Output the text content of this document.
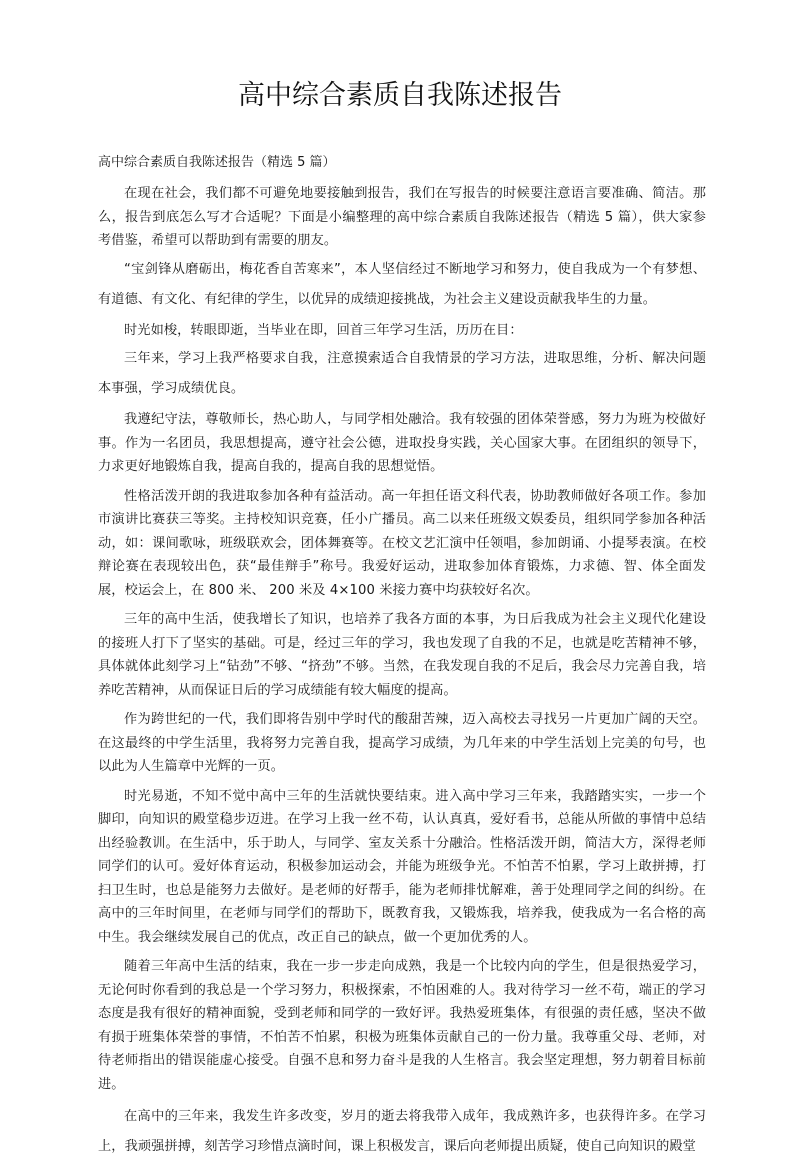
高中综合素质自我陈述报告
高中综合素质自我陈述报告（精选 5 篇）

在现在社会，我们都不可避免地要接触到报告，我们在写报告的时候要注意语言要准确、简洁。那么，报告到底怎么写才合适呢？下面是小编整理的高中综合素质自我陈述报告（精选 5 篇），供大家参考借鉴，希望可以帮助到有需要的朋友。

“宝剑锋从磨砺出，梅花香自苦寒来”，本人坚信经过不断地学习和努力，使自我成为一个有梦想、有道德、有文化、有纪律的学生，以优异的成绩迎接挑战，为社会主义建设贡献我毕生的力量。

时光如梭，转眼即逝，当毕业在即，回首三年学习生活，历历在目：

三年来，学习上我严格要求自我，注意摸索适合自我情景的学习方法，进取思维，分析、解决问题本事强，学习成绩优良。

我遵纪守法，尊敬师长，热心助人，与同学相处融洽。我有较强的团体荣誉感，努力为班为校做好事。作为一名团员，我思想提高，遵守社会公德，进取投身实践，关心国家大事。在团组织的领导下，力求更好地锻炼自我，提高自我的，提高自我的思想觉悟。

性格活泼开朗的我进取参加各种有益活动。高一年担任语文科代表，协助教师做好各项工作。参加市演讲比赛获三等奖。主持校知识竞赛，任小广播员。高二以来任班级文娱委员，组织同学参加各种活动，如：课间歌咏，班级联欢会，团体舞赛等。在校文艺汇演中任领唱，参加朗诵、小提琴表演。在校辩论赛在表现较出色，获“最佳辩手”称号。我爱好运动，进取参加体育锻炼，力求德、智、体全面发展，校运会上，在 800 米、 200 米及 4×100 米接力赛中均获较好名次。

三年的高中生活，使我增长了知识，也培养了我各方面的本事，为日后我成为社会主义现代化建设的接班人打下了坚实的基础。可是，经过三年的学习，我也发现了自我的不足，也就是吃苦精神不够，具体就体此刻学习上“钻劲”不够、“挤劲”不够。当然，在我发现自我的不足后，我会尽力完善自我，培养吃苦精神，从而保证日后的学习成绩能有较大幅度的提高。

作为跨世纪的一代，我们即将告别中学时代的酸甜苦辣，迈入高校去寻找另一片更加广阔的天空。在这最终的中学生活里，我将努力完善自我，提高学习成绩，为几年来的中学生活划上完美的句号，也以此为人生篇章中光辉的一页。

时光易逝，不知不觉中高中三年的生活就快要结束。进入高中学习三年来，我踏踏实实，一步一个脚印，向知识的殿堂稳步迈进。在学习上我一丝不苟，认认真真，爱好看书，总能从所做的事情中总结出经验教训。在生活中，乐于助人，与同学、室友关系十分融洽。性格活泼开朗，简洁大方，深得老师同学们的认可。爱好体育运动，积极参加运动会，并能为班级争光。不怕苦不怕累，学习上敢拼搏，打扫卫生时，也总是能努力去做好。是老师的好帮手，能为老师排忧解难，善于处理同学之间的纠纷。在高中的三年时间里，在老师与同学们的帮助下，既教育我，又锻炼我，培养我，使我成为一名合格的高中生。我会继续发展自己的优点，改正自己的缺点，做一个更加优秀的人。

随着三年高中生活的结束，我在一步一步走向成熟，我是一个比较内向的学生，但是很热爱学习，无论何时你看到的我总是一个学习努力，积极探索，不怕困难的人。我对待学习一丝不苟，端正的学习态度是我有很好的精神面貌，受到老师和同学的一致好评。我热爱班集体，有很强的责任感，坚决不做有损于班集体荣誉的事情，不怕苦不怕累，积极为班集体贡献自己的一份力量。我尊重父母、老师，对待老师指出的错误能虚心接受。自强不息和努力奋斗是我的人生格言。我会坚定理想，努力朝着目标前进。

在高中的三年来，我发生许多改变，岁月的逝去将我带入成年，我成熟许多，也获得许多。在学习上，我顽强拼搏，刻苦学习珍惜点滴时间，课上积极发言，课后向老师提出质疑，使自己向知识的殿堂
